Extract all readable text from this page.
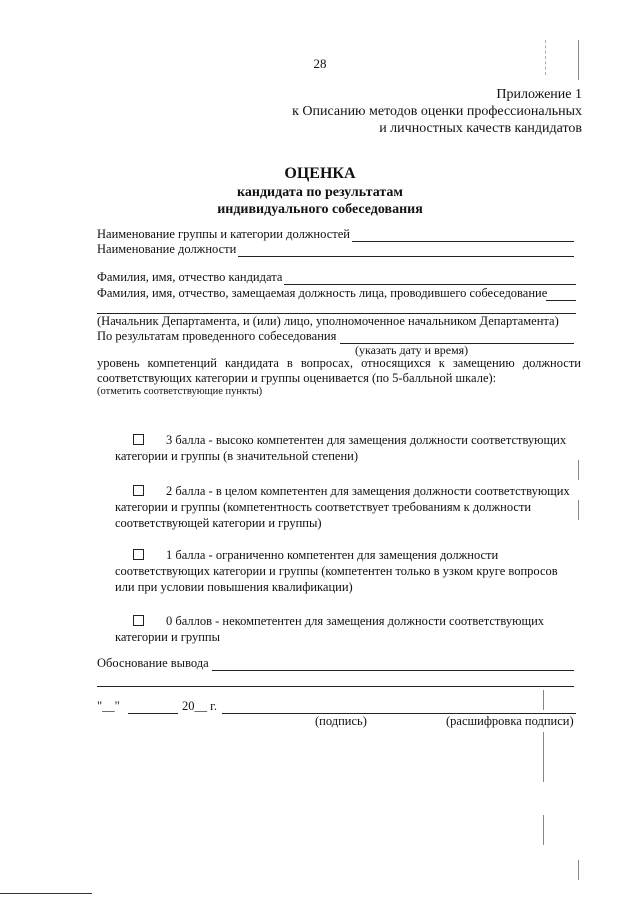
28
Приложение 1
к Описанию методов оценки профессиональных
и личностных качеств кандидатов
ОЦЕНКА
кандидата по результатам
индивидуального собеседования
Наименование группы и категории должностей
Наименование должности
Фамилия, имя, отчество кандидата
Фамилия, имя, отчество, замещаемая должность лица, проводившего собеседование
(Начальник Департамента, и (или) лицо, уполномоченное начальником Департамента)
По результатам проведенного собеседования
(указать дату и время)
уровень компетенций кандидата в вопросах, относящихся к замещению должности
соответствующих категории и группы оценивается (по 5-балльной шкале):
(отметить соответствующие пункты)
3 балла - высоко компетентен для замещения должности соответствующих
категории и группы (в значительной степени)
2 балла - в целом компетентен для замещения должности соответствующих
категории и группы (компетентность соответствует требованиям к должности
соответствующей категории и группы)
1 балла - ограниченно компетентен для замещения должности
соответствующих категории и группы (компетентен только в узком круге вопросов
или при условии повышения квалификации)
0 баллов - некомпетентен для замещения должности соответствующих
категории и группы
Обоснование вывода
"__"	20__ г.
(подпись)	(расшифровка подписи)
